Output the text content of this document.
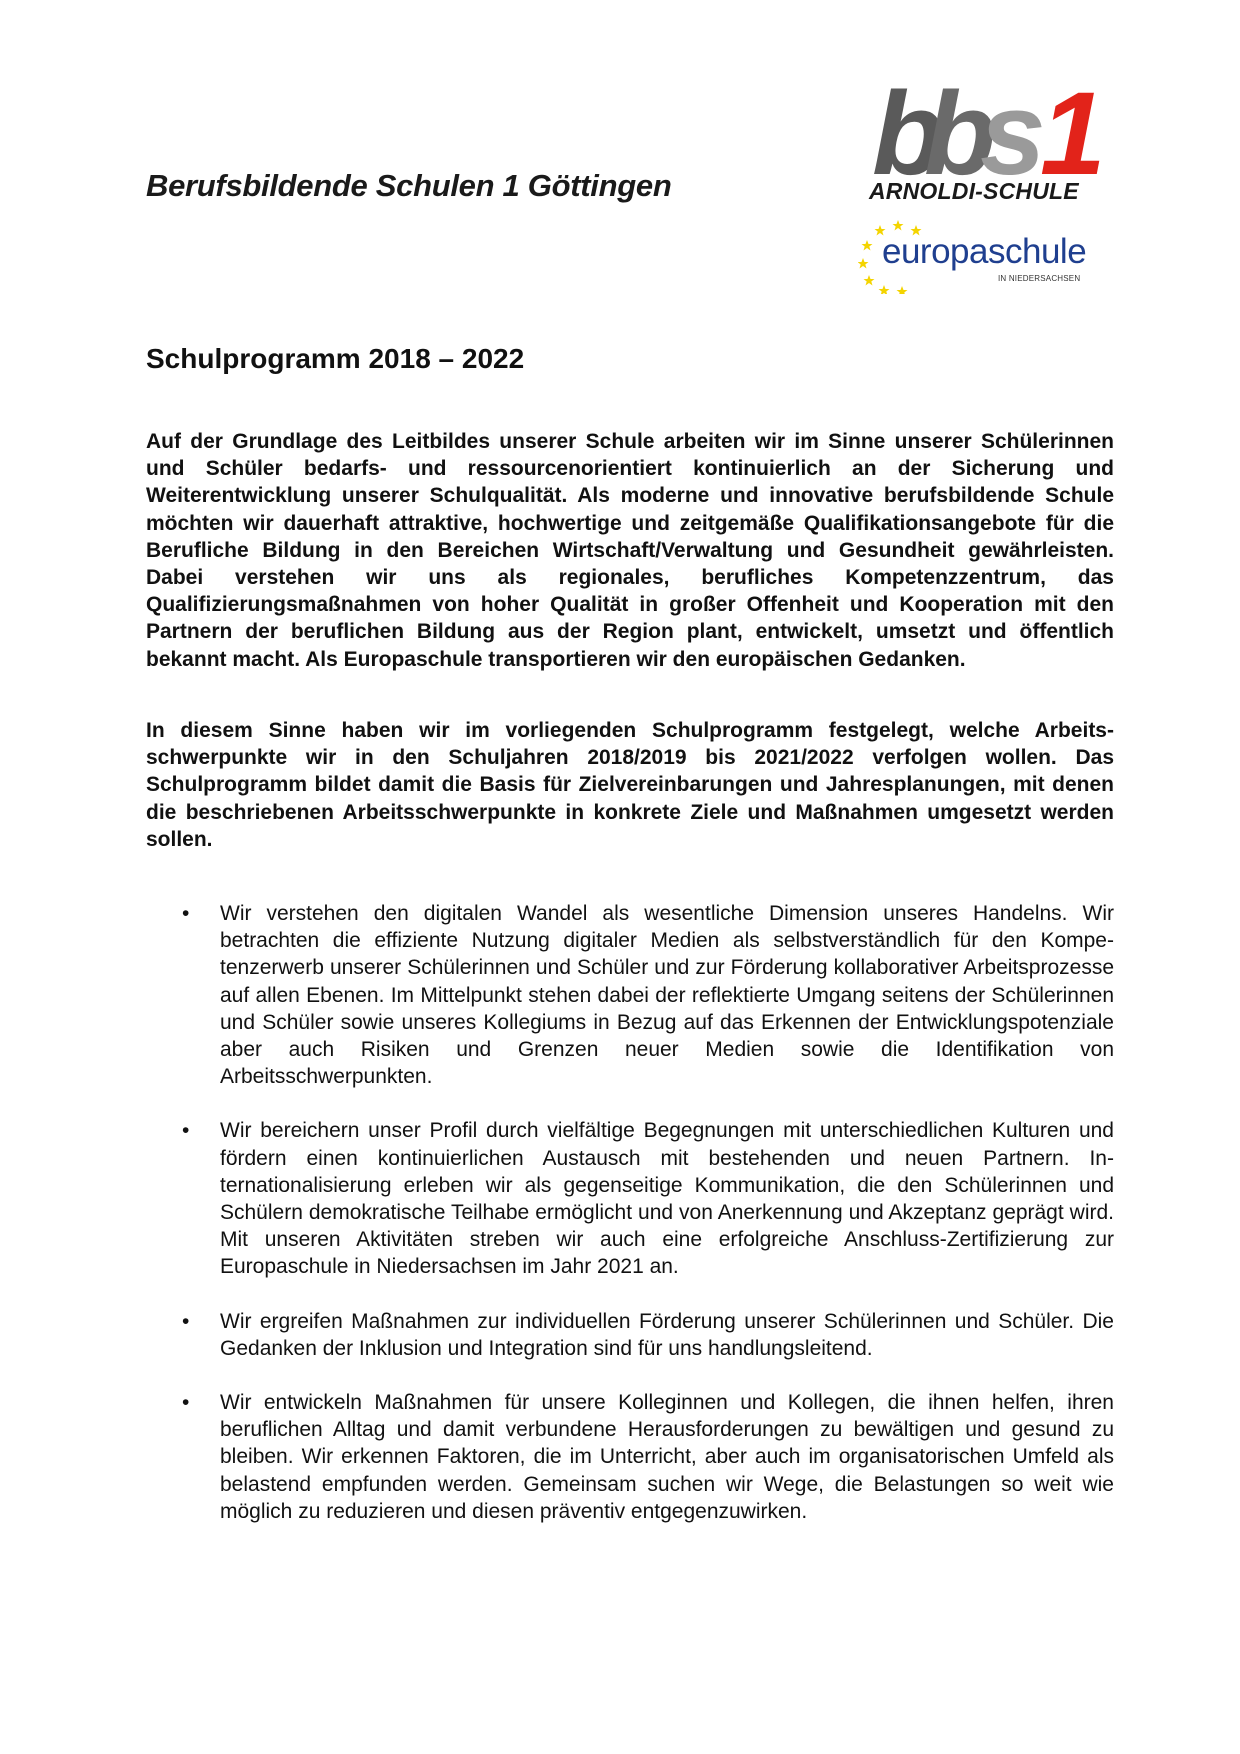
Berufsbildende Schulen 1 Göttingen b
b
s 1
ARNOLDI-SCHULE
europaschule
IN NIEDERSACHSEN
Schulprogramm 2018 – 2022
Auf der Grundlage des Leitbildes unserer Schule arbeiten wir im Sinne unserer Schülerinnen und Schüler bedarfs- und ressourcenorientiert kontinuierlich an der Sicherung und Weiterentwicklung unserer Schulqualität. Als moderne und innovative berufsbildende Schule möchten wir dauerhaft attraktive, hochwertige und zeitgemäße Qualifikationsangebote für die Berufliche Bildung in den Bereichen Wirtschaft/Verwaltung und Gesundheit gewährleisten. Dabei verstehen wir uns als regionales, berufliches Kompetenzzentrum, das Qualifizierungsmaßnahmen von hoher Qualität in großer Offenheit und Kooperation mit den Partnern der beruflichen Bildung aus der Region plant, entwickelt, umsetzt und öffentlich bekannt macht. Als Europaschule transportieren wir den europäischen Gedanken.
In diesem Sinne haben wir im vorliegenden Schulprogramm festgelegt, welche Arbeitsschwerpunkte wir in den Schuljahren 2018/2019 bis 2021/2022 verfolgen wollen. Das Schulprogramm bildet damit die Basis für Zielvereinbarungen und Jahresplanungen, mit denen die beschriebenen Arbeitsschwerpunkte in konkrete Ziele und Maßnahmen umgesetzt werden sollen.
• Wir verstehen den digitalen Wandel als wesentliche Dimension unseres Handelns. Wir betrachten die effiziente Nutzung digitaler Medien als selbstverständlich für den Kompetenzerwerb unserer Schülerinnen und Schüler und zur Förderung kollaborativer Arbeitsprozesse auf allen Ebenen. Im Mittelpunkt stehen dabei der reflektierte Umgang seitens der Schülerinnen und Schüler sowie unseres Kollegiums in Bezug auf das Erkennen der Entwicklungspotenziale aber auch Risiken und Grenzen neuer Medien sowie die Identifikation von Arbeitsschwerpunkten.
• Wir bereichern unser Profil durch vielfältige Begegnungen mit unterschiedlichen Kulturen und fördern einen kontinuierlichen Austausch mit bestehenden und neuen Partnern. Internationalisierung erleben wir als gegenseitige Kommunikation, die den Schülerinnen und Schülern demokratische Teilhabe ermöglicht und von Anerkennung und Akzeptanz geprägt wird. Mit unseren Aktivitäten streben wir auch eine erfolgreiche Anschluss-Zertifizierung zur Europaschule in Niedersachsen im Jahr 2021 an.
• Wir ergreifen Maßnahmen zur individuellen Förderung unserer Schülerinnen und Schüler. Die Gedanken der Inklusion und Integration sind für uns handlungsleitend.
• Wir entwickeln Maßnahmen für unsere Kolleginnen und Kollegen, die ihnen helfen, ihren beruflichen Alltag und damit verbundene Herausforderungen zu bewältigen und gesund zu bleiben. Wir erkennen Faktoren, die im Unterricht, aber auch im organisatorischen Umfeld als belastend empfunden werden. Gemeinsam suchen wir Wege, die Belastungen so weit wie möglich zu reduzieren und diesen präventiv entgegenzuwirken.
